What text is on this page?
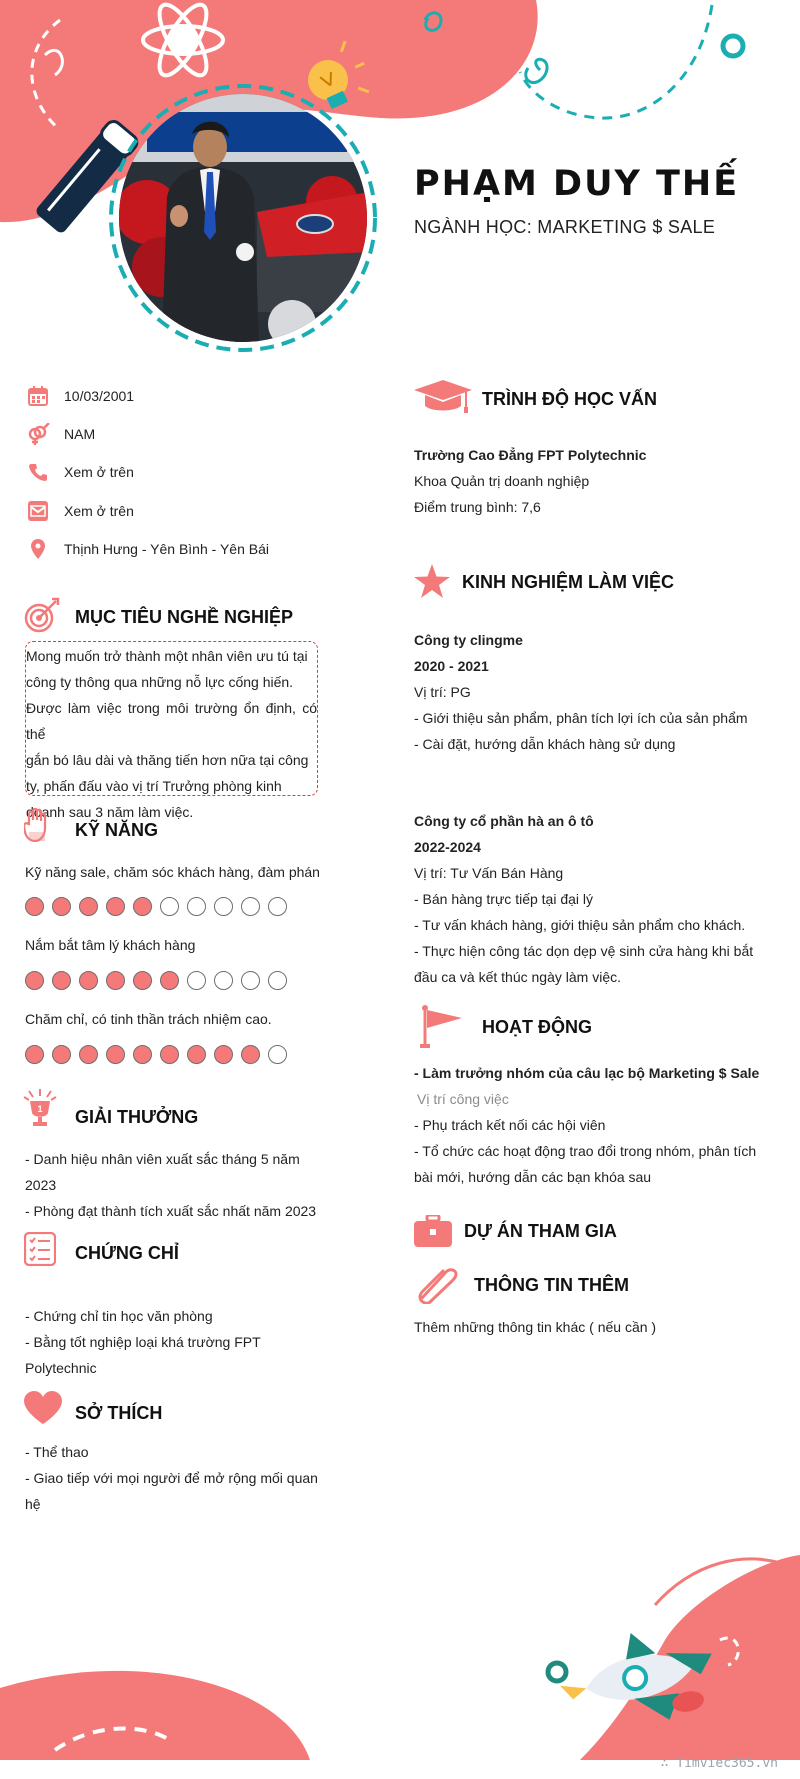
PHẠM DUY THẾ
NGÀNH HỌC: MARKETING $ SALE
10/03/2001
NAM
Xem ở trên
Xem ở trên
Thịnh Hưng - Yên Bình - Yên Bái
MỤC TIÊU NGHỀ NGHIỆP
Mong muốn trở thành một nhân viên ưu tú tại
công ty thông qua những nỗ lực cống hiến.
Được làm việc trong môi trường ổn định, có thể
gắn bó lâu dài và thăng tiến hơn nữa tại công
ty, phấn đấu vào vị trí Trưởng phòng kinh
doanh sau 3 năm làm việc.
KỸ NĂNG
Kỹ năng sale, chăm sóc khách hàng, đàm phán
Nắm bắt tâm lý khách hàng
Chăm chỉ, có tinh thần trách nhiệm cao.
1 GIẢI THƯỞNG
- Danh hiệu nhân viên xuất sắc tháng 5 năm
2023
- Phòng đạt thành tích xuất sắc nhất năm 2023
CHỨNG CHỈ
- Chứng chỉ tin học văn phòng
- Bằng tốt nghiệp loại khá trường FPT
Polytechnic
SỞ THÍCH
- Thể thao
- Giao tiếp với mọi người để mở rộng mối quan
hệ
TRÌNH ĐỘ HỌC VẤN
Trường Cao Đẳng FPT Polytechnic
Khoa Quản trị doanh nghiệp
Điểm trung bình: 7,6
KINH NGHIỆM LÀM VIỆC
Công ty clingme
2020 - 2021
Vị trí: PG
- Giới thiệu sản phẩm, phân tích lợi ích của sản phẩm
- Cài đặt, hướng dẫn khách hàng sử dụng
Công ty cổ phần hà an ô tô
2022-2024
Vị trí: Tư Vấn Bán Hàng
- Bán hàng trực tiếp tại đại lý
- Tư vấn khách hàng, giới thiệu sản phẩm cho khách.
- Thực hiện công tác dọn dẹp vệ sinh cửa hàng khi bắt
đầu ca và kết thúc ngày làm việc.
HOẠT ĐỘNG
- Làm trưởng nhóm của câu lạc bộ Marketing $ Sale
Vị trí công việc
- Phụ trách kết nối các hội viên
- Tổ chức các hoạt động trao đổi trong nhóm, phân tích
bài mới, hướng dẫn các bạn khóa sau
DỰ ÁN THAM GIA
THÔNG TIN THÊM
Thêm những thông tin khác ( nếu cần )
∴ Timviec365.vn
